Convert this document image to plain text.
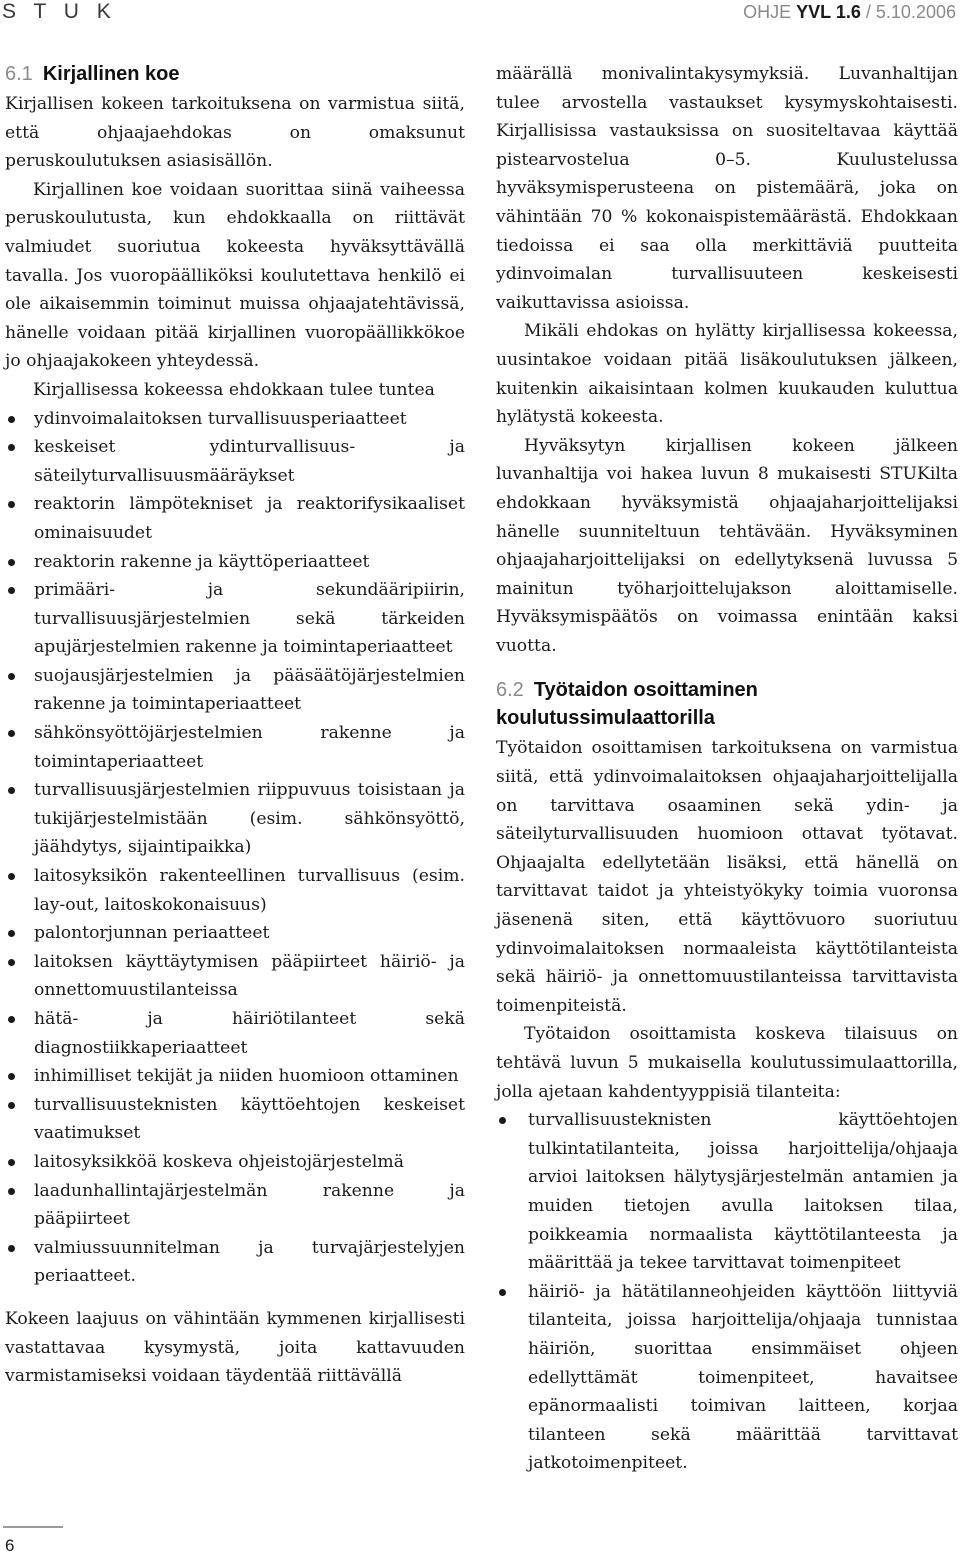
S T U K	OHJE YVL 1.6 / 5.10.2006
6.1 Kirjallinen koe

Kirjallisen kokeen tarkoituksena on varmistua siitä, että ohjaajaehdokas on omaksunut peruskoulutuksen asiasisällön.

Kirjallinen koe voidaan suorittaa siinä vaiheessa peruskoulutusta, kun ehdokkaalla on riittävät valmiudet suoriutua kokeesta hyväksyttävällä tavalla. Jos vuoropäälliköksi koulutettava henkilö ei ole aikaisemmin toiminut muissa ohjaajatehtävissä, hänelle voidaan pitää kirjallinen vuoropäällikkökoe jo ohjaajakokeen yhteydessä.

Kirjallisessa kokeessa ehdokkaan tulee tuntea

ydinvoimalaitoksen turvallisuusperiaatteet
keskeiset ydinturvallisuus- ja säteilyturvallisuusmääräykset
reaktorin lämpötekniset ja reaktorifysikaaliset ominaisuudet
reaktorin rakenne ja käyttöperiaatteet
primääri- ja sekundääripiirin, turvallisuusjärjestelmien sekä tärkeiden apujärjestelmien rakenne ja toimintaperiaatteet
suojausjärjestelmien ja pääsäätöjärjestelmien rakenne ja toimintaperiaatteet
sähkönsyöttöjärjestelmien rakenne ja toimintaperiaatteet
turvallisuusjärjestelmien riippuvuus toisistaan ja tukijärjestelmistään (esim. sähkönsyöttö, jäähdytys, sijaintipaikka)
laitosyksikön rakenteellinen turvallisuus (esim. lay-out, laitoskokonaisuus)
palontorjunnan periaatteet
laitoksen käyttäytymisen pääpiirteet häiriö- ja onnettomuustilanteissa
hätä- ja häiriötilanteet sekä diagnostiikkaperiaatteet
inhimilliset tekijät ja niiden huomioon ottaminen
turvallisuusteknisten käyttöehtojen keskeiset vaatimukset
laitosyksikköä koskeva ohjeistojärjestelmä
laadunhallintajärjestelmän rakenne ja pääpiirteet
valmiussuunnitelman ja turvajärjestelyjen periaatteet.

Kokeen laajuus on vähintään kymmenen kirjallisesti vastattavaa kysymystä, joita kattavuuden varmistamiseksi voidaan täydentää riittävällä

määrällä monivalintakysymyksiä. Luvanhaltijan tulee arvostella vastaukset kysymyskohtaisesti. Kirjallisissa vastauksissa on suositeltavaa käyttää pistearvostelua 0–5. Kuulustelussa hyväksymisperusteena on pistemäärä, joka on vähintään 70 % kokonaispistemäärästä. Ehdokkaan tiedoissa ei saa olla merkittäviä puutteita ydinvoimalan turvallisuuteen keskeisesti vaikuttavissa asioissa.

Mikäli ehdokas on hylätty kirjallisessa kokeessa, uusintakoe voidaan pitää lisäkoulutuksen jälkeen, kuitenkin aikaisintaan kolmen kuukauden kuluttua hylätystä kokeesta.

Hyväksytyn kirjallisen kokeen jälkeen luvanhaltija voi hakea luvun 8 mukaisesti STUKilta ehdokkaan hyväksymistä ohjaajaharjoittelijaksi hänelle suunniteltuun tehtävään. Hyväksyminen ohjaajaharjoittelijaksi on edellytyksenä luvussa 5 mainitun työharjoittelujakson aloittamiselle. Hyväksymispäätös on voimassa enintään kaksi vuotta.

6.2 Työtaidon osoittaminen
koulutussimulaattorilla

Työtaidon osoittamisen tarkoituksena on varmistua siitä, että ydinvoimalaitoksen ohjaajaharjoittelijalla on tarvittava osaaminen sekä ydin- ja säteilyturvallisuuden huomioon ottavat työtavat. Ohjaajalta edellytetään lisäksi, että hänellä on tarvittavat taidot ja yhteistyökyky toimia vuoronsa jäsenenä siten, että käyttövuoro suoriutuu ydinvoimalaitoksen normaaleista käyttötilanteista sekä häiriö- ja onnettomuustilanteissa tarvittavista toimenpiteistä.

Työtaidon osoittamista koskeva tilaisuus on tehtävä luvun 5 mukaisella koulutussimulaattorilla, jolla ajetaan kahdentyyppisiä tilanteita:

turvallisuusteknisten käyttöehtojen tulkintatilanteita, joissa harjoittelija/ohjaaja arvioi laitoksen hälytysjärjestelmän antamien ja muiden tietojen avulla laitoksen tilaa, poikkeamia normaalista käyttötilanteesta ja määrittää ja tekee tarvittavat toimenpiteet
häiriö- ja hätätilanneohjeiden käyttöön liittyviä tilanteita, joissa harjoittelija/ohjaaja tunnistaa häiriön, suorittaa ensimmäiset ohjeen edellyttämät toimenpiteet, havaitsee epänormaalisti toimivan laitteen, korjaa tilanteen sekä määrittää tarvittavat jatkotoimenpiteet.
6
